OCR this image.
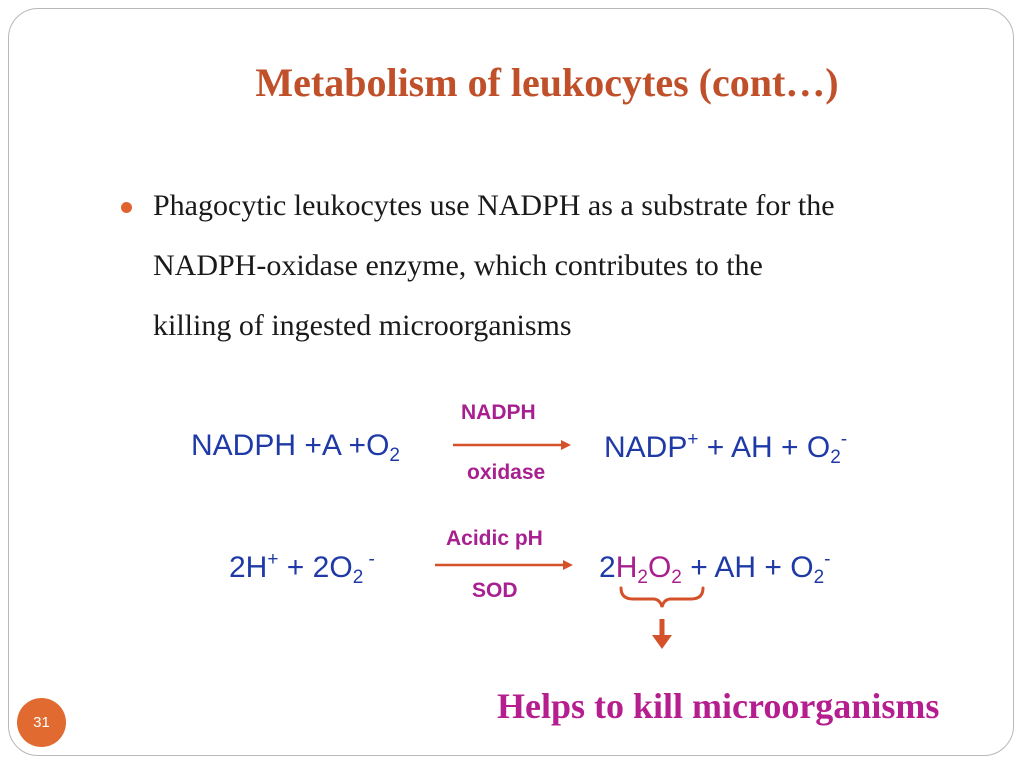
Metabolism of leukocytes (cont…)
Phagocytic leukocytes use NADPH as a substrate for the
NADPH-oxidase enzyme, which contributes to the
killing of ingested microorganisms
NADPH $+A +O_2$
NADPH
oxidase
NADP+ + AH + $O_2^-$
$2H^+ + 2O_2$ -
Acidic pH
SOD
$2H_2O_2$ + AH + $O_2^-$
Helps to kill microorganisms
31
